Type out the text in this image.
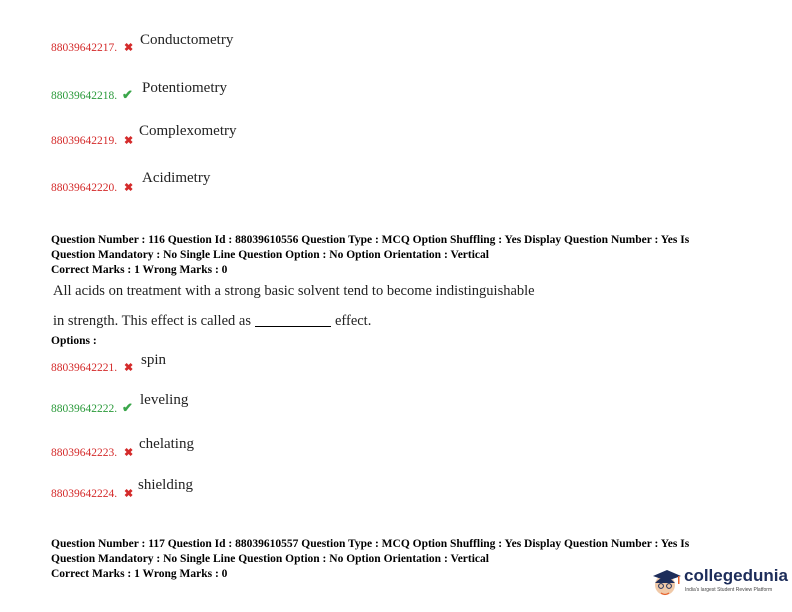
88039642217. ✖ Conductometry
88039642218. ✔ Potentiometry
88039642219. ✖
Complexometry
88039642220. ✖
Acidimetry
Question Number : 116 Question Id : 88039610556 Question Type : MCQ Option Shuffling : Yes Display Question Number : Yes Is
Question Mandatory : No Single Line Question Option : No Option Orientation : Vertical
Correct Marks : 1 Wrong Marks : 0
All acids on treatment with a strong basic solvent tend to become indistinguishable
in strength. This effect is called as	effect.
Options :
88039642221. ✖ spin
88039642222. ✔ leveling
88039642223. ✖
chelating
88039642224. ✖
shielding
Question Number : 117 Question Id : 88039610557 Question Type : MCQ Option Shuffling : Yes Display Question Number : Yes Is
Question Mandatory : No Single Line Question Option : No Option Orientation : Vertical
Correct Marks : 1 Wrong Marks : 0	collegedunia
India's largest Student Review Platform
